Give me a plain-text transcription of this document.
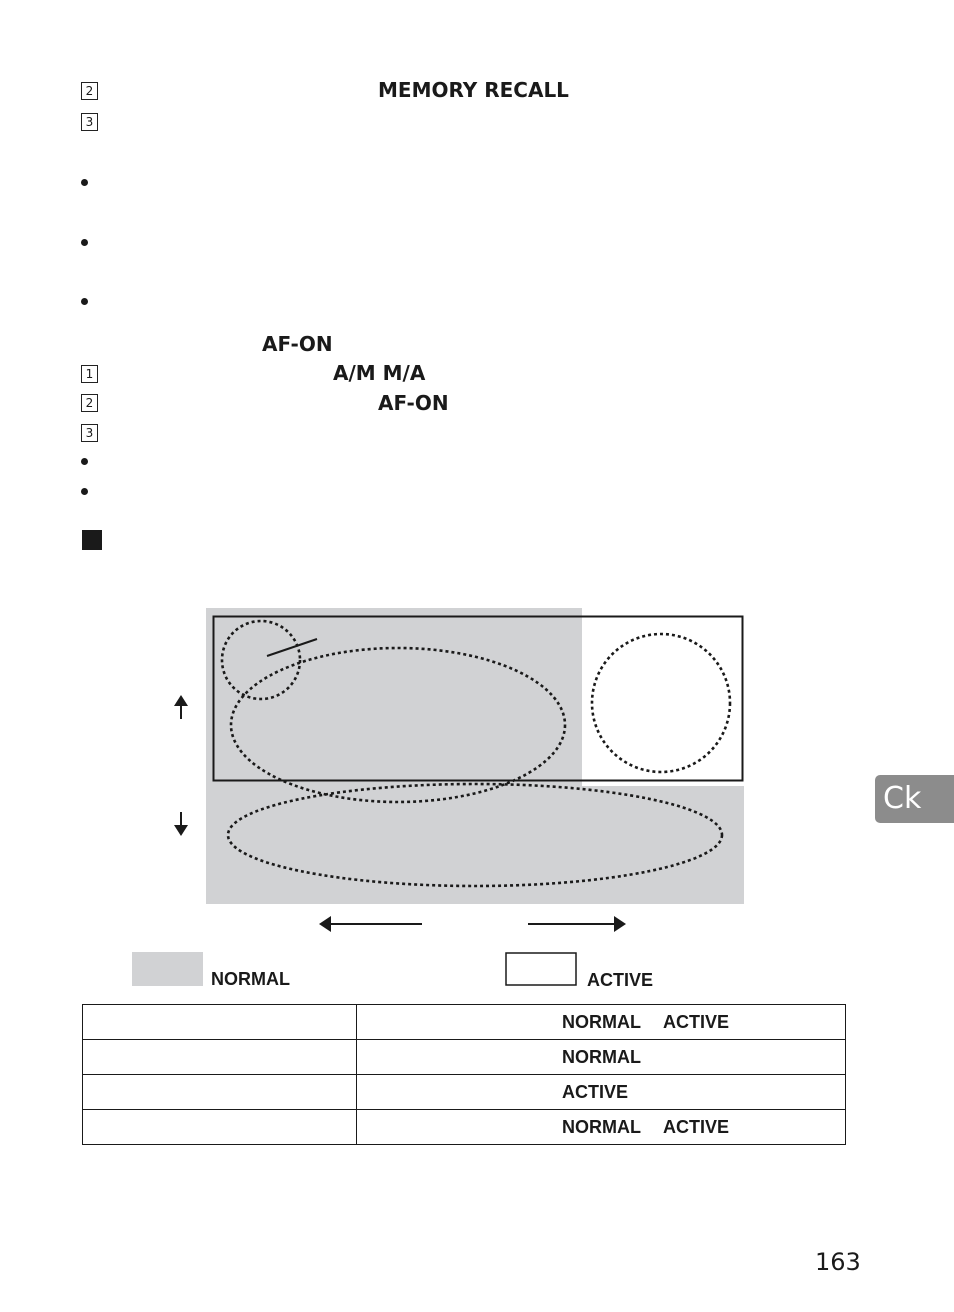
2	MEMORY RECALL
3
AF-ON
1	A/M M/A
2	AF-ON
3
NORMAL	ACTIVE
	NORMAL ACTIVE
	NORMAL
	ACTIVE
	NORMAL ACTIVE
Ck
163
